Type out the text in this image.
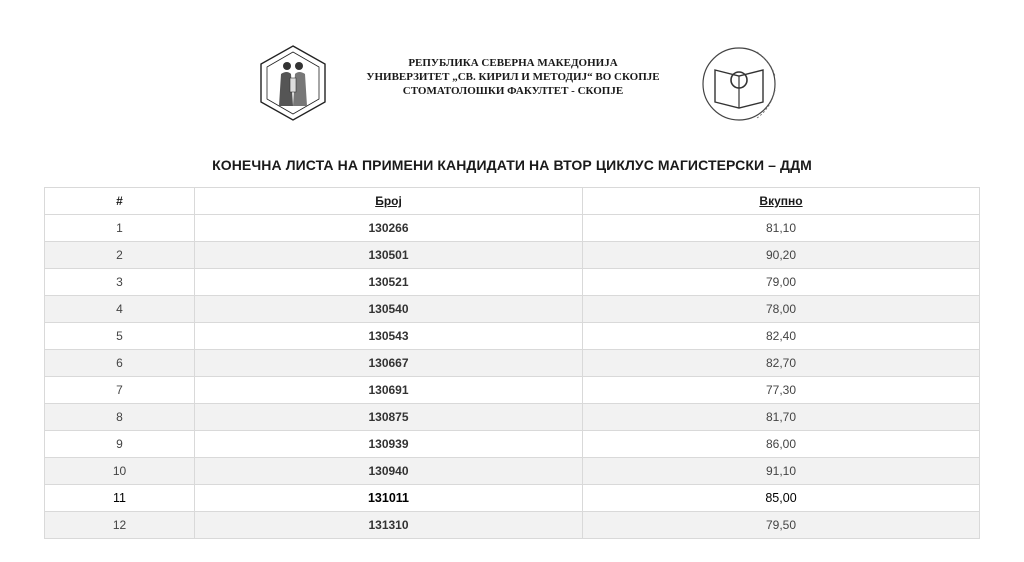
РЕПУБЛИКА СЕВЕРНА МАКЕДОНИЈА
УНИВЕРЗИТЕТ „СВ. КИРИЛ И МЕТОДИЈ“ ВО СКОПЈЕ
СТОМАТОЛОШКИ ФАКУЛТЕТ - СКОПЈЕ
КОНЕЧНА ЛИСТА НА ПРИМЕНИ КАНДИДАТИ НА ВТОР ЦИКЛУС МАГИСТЕРСКИ – ДДМ
#	Број	Вкупно
1	130266	81,10
2	130501	90,20
3	130521	79,00
4	130540	78,00
5	130543	82,40
6	130667	82,70
7	130691	77,30
8	130875	81,70
9	130939	86,00
10	130940	91,10
11	131011	85,00
12	131310	79,50
